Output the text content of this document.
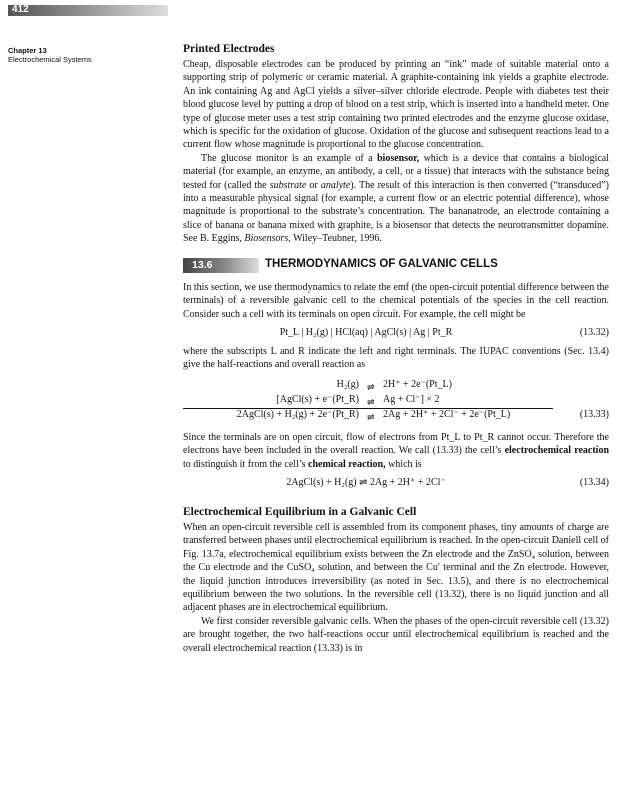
412
Chapter 13
Electrochemical Systems
Printed Electrodes

Cheap, disposable electrodes can be produced by printing an “ink” made of suitable material onto a supporting strip of polymeric or ceramic material. A graphite-containing ink yields a graphite electrode. An ink containing Ag and AgCl yields a silver–silver chloride electrode. People with diabetes test their blood glucose level by putting a drop of blood on a test strip, which is inserted into a handheld meter. One type of glucose meter uses a test strip containing two printed electrodes and the enzyme glucose oxidase, which is specific for the oxidation of glucose. Oxidation of the glucose and subsequent reactions lead to a current flow whose magnitude is proportional to the glucose concentration.

The glucose monitor is an example of a biosensor, which is a device that contains a biological material (for example, an enzyme, an antibody, a cell, or a tissue) that interacts with the substance being tested for (called the substrate or analyte). The result of this interaction is then converted (“transduced”) into a measurable physical signal (for example, a current flow or an electric potential difference), whose magnitude is proportional to the substrate’s concentration. The bananatrode, an electrode containing a slice of banana or banana mixed with graphite, is a biosensor that detects the neurotransmitter dopamine. See B. Eggins, Biosensors, Wiley–Teubner, 1996.

13.6	THERMODYNAMICS OF GALVANIC CELLS

In this section, we use thermodynamics to relate the emf (the open-circuit potential difference between the terminals) of a reversible galvanic cell to the chemical potentials of the species in the cell reaction. Consider such a cell with its terminals on open circuit. For example, the cell might be

Pt_L | H₂(g) | HCl(aq) | AgCl(s) | Ag | Pt_R	(13.32)

where the subscripts L and R indicate the left and right terminals. The IUPAC conventions (Sec. 13.4) give the half-reactions and overall reaction as

H₂(g) ⇌ 2H⁺ + 2e⁻(Pt_L)
[AgCl(s) + e⁻(Pt_R) ⇌ Ag + Cl⁻] × 2
2AgCl(s) + H₂(g) + 2e⁻(Pt_R) ⇌ 2Ag + 2H⁺ + 2Cl⁻ + 2e⁻(Pt_L)	(13.33)

Since the terminals are on open circuit, flow of electrons from Pt_L to Pt_R cannot occur. Therefore the electrons have been included in the overall reaction. We call (13.33) the cell’s electrochemical reaction to distinguish it from the cell’s chemical reaction, which is

2AgCl(s) + H₂(g) ⇌ 2Ag + 2H⁺ + 2Cl⁻	(13.34)
Electrochemical Equilibrium in a Galvanic Cell

When an open-circuit reversible cell is assembled from its component phases, tiny amounts of charge are transferred between phases until electrochemical equilibrium is reached. In the open-circuit Daniell cell of Fig. 13.7a, electrochemical equilibrium exists between the Zn electrode and the ZnSO₄ solution, between the Cu electrode and the CuSO₄ solution, and between the Cu′ terminal and the Zn electrode. However, the liquid junction introduces irreversibility (as noted in Sec. 13.5), and there is no electrochemical equilibrium between the two solutions. In the reversible cell (13.32), there is no liquid junction and all adjacent phases are in electrochemical equilibrium.

We first consider reversible galvanic cells. When the phases of the open-circuit reversible cell (13.32) are brought together, the two half-reactions occur until electrochemical equilibrium is reached and the overall electrochemical reaction (13.33) is in
